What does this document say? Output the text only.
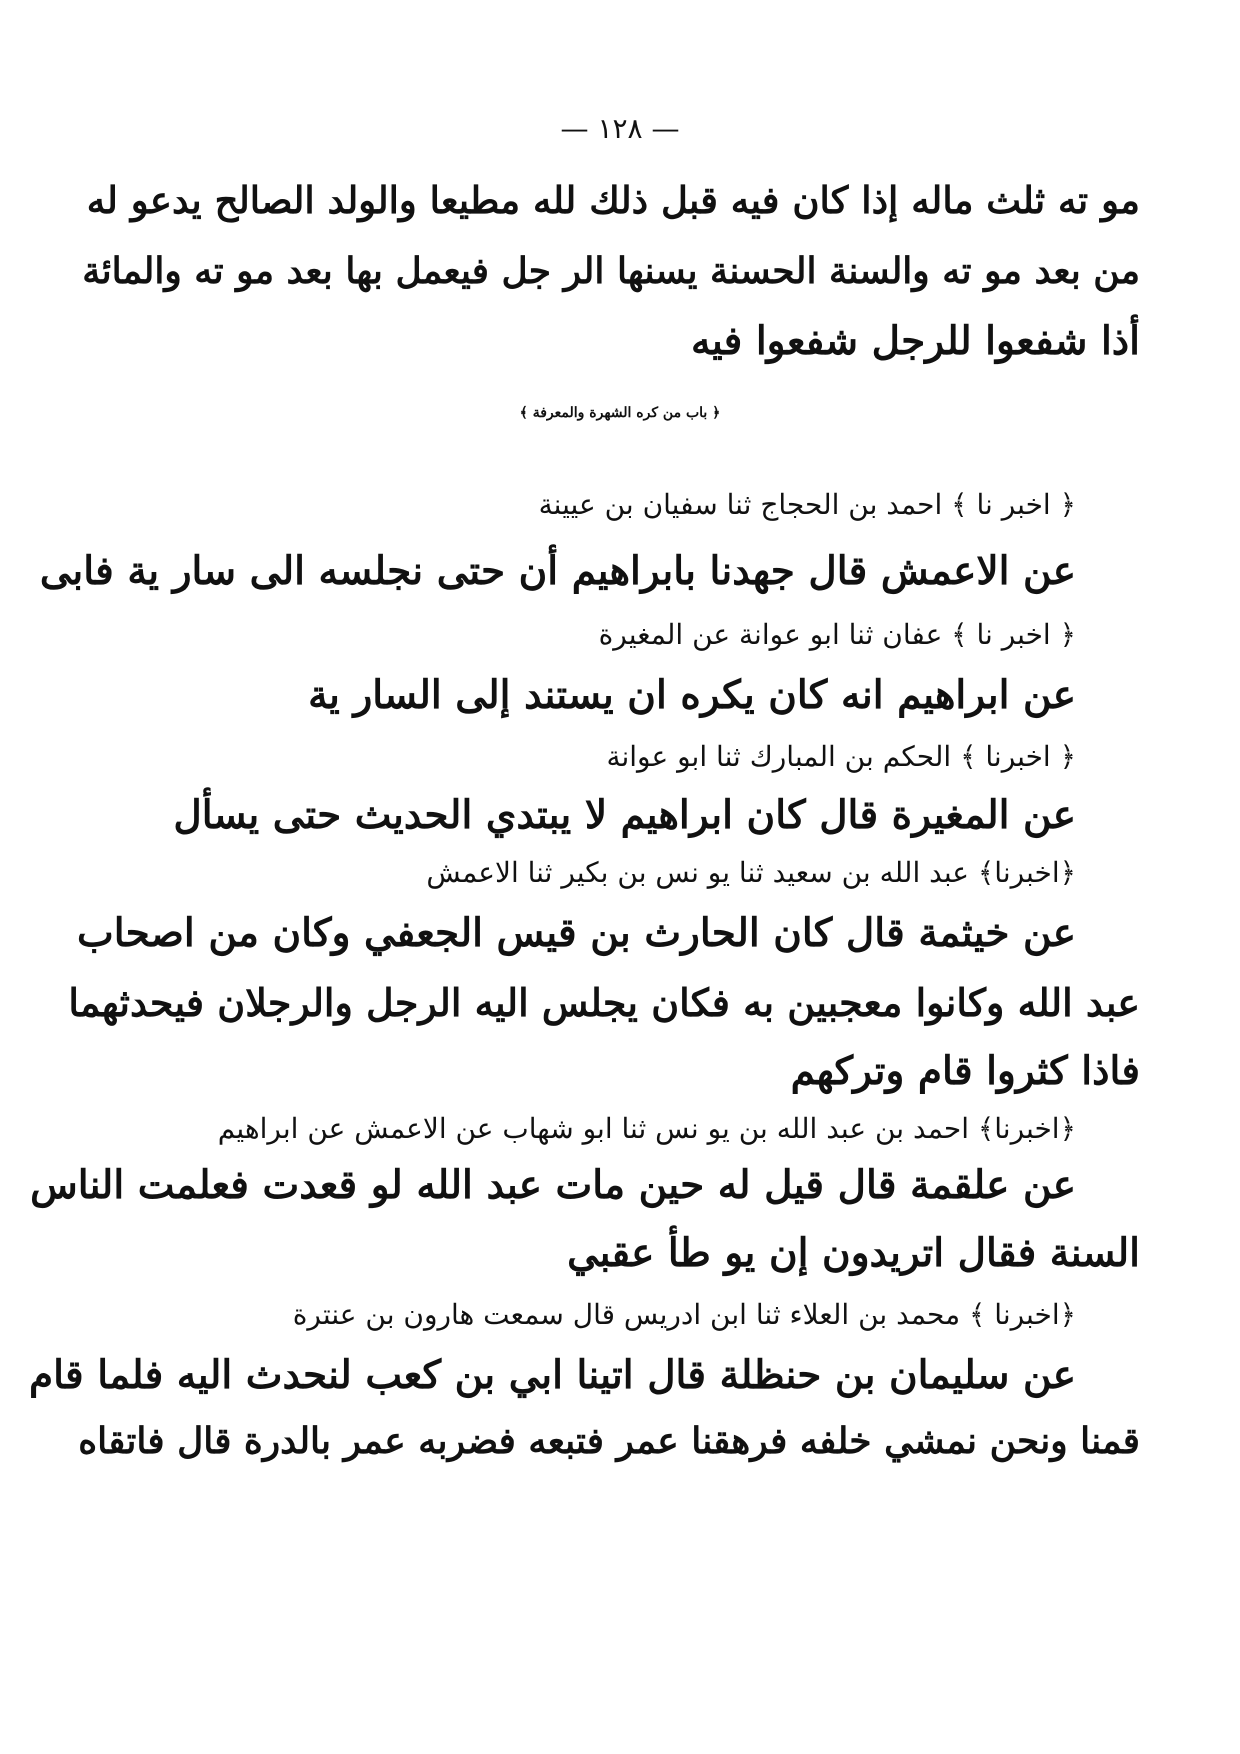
— ١٢٨ —
مو ته ثلث ماله إذا كان فيه قبل ذلك لله مطيعا والولد الصالح يدعو له
من بعد مو ته والسنة الحسنة يسنها الر جل فيعمل بها بعد مو ته والمائة
أذا شفعوا للرجل شفعوا فيه
﴿ باب من كره الشهرة والمعرفة ﴾
﴿ اخبر نا ﴾ احمد بن الحجاج ثنا سفيان بن عيينة
عن الاعمش قال جهدنا بابراهيم أن حتى نجلسه الى سار ية فابى
﴿ اخبر نا ﴾ عفان ثنا ابو عوانة عن المغيرة
عن ابراهيم انه كان يكره ان يستند إلى السار ية
﴿ اخبرنا ﴾ الحكم بن المبارك ثنا ابو عوانة
عن المغيرة قال كان ابراهيم لا يبتدي الحديث حتى يسأل
﴿اخبرنا﴾ عبد الله بن سعيد ثنا يو نس بن بكير ثنا الاعمش
عن خيثمة قال كان الحارث بن قيس الجعفي وكان من اصحاب
عبد الله وكانوا معجبين به فكان يجلس اليه الرجل والرجلان فيحدثهما
فاذا كثروا قام وتركهم
﴿اخبرنا﴾ احمد بن عبد الله بن يو نس ثنا ابو شهاب عن الاعمش عن ابراهيم
عن علقمة قال قيل له حين مات عبد الله لو قعدت فعلمت الناس
السنة فقال اتريدون إن يو طأ عقبي
﴿اخبرنا ﴾ محمد بن العلاء ثنا ابن ادريس قال سمعت هارون بن عنترة
عن سليمان بن حنظلة قال اتينا ابي بن كعب لنحدث اليه فلما قام
قمنا ونحن نمشي خلفه فرهقنا عمر فتبعه فضربه عمر بالدرة قال فاتقاه
